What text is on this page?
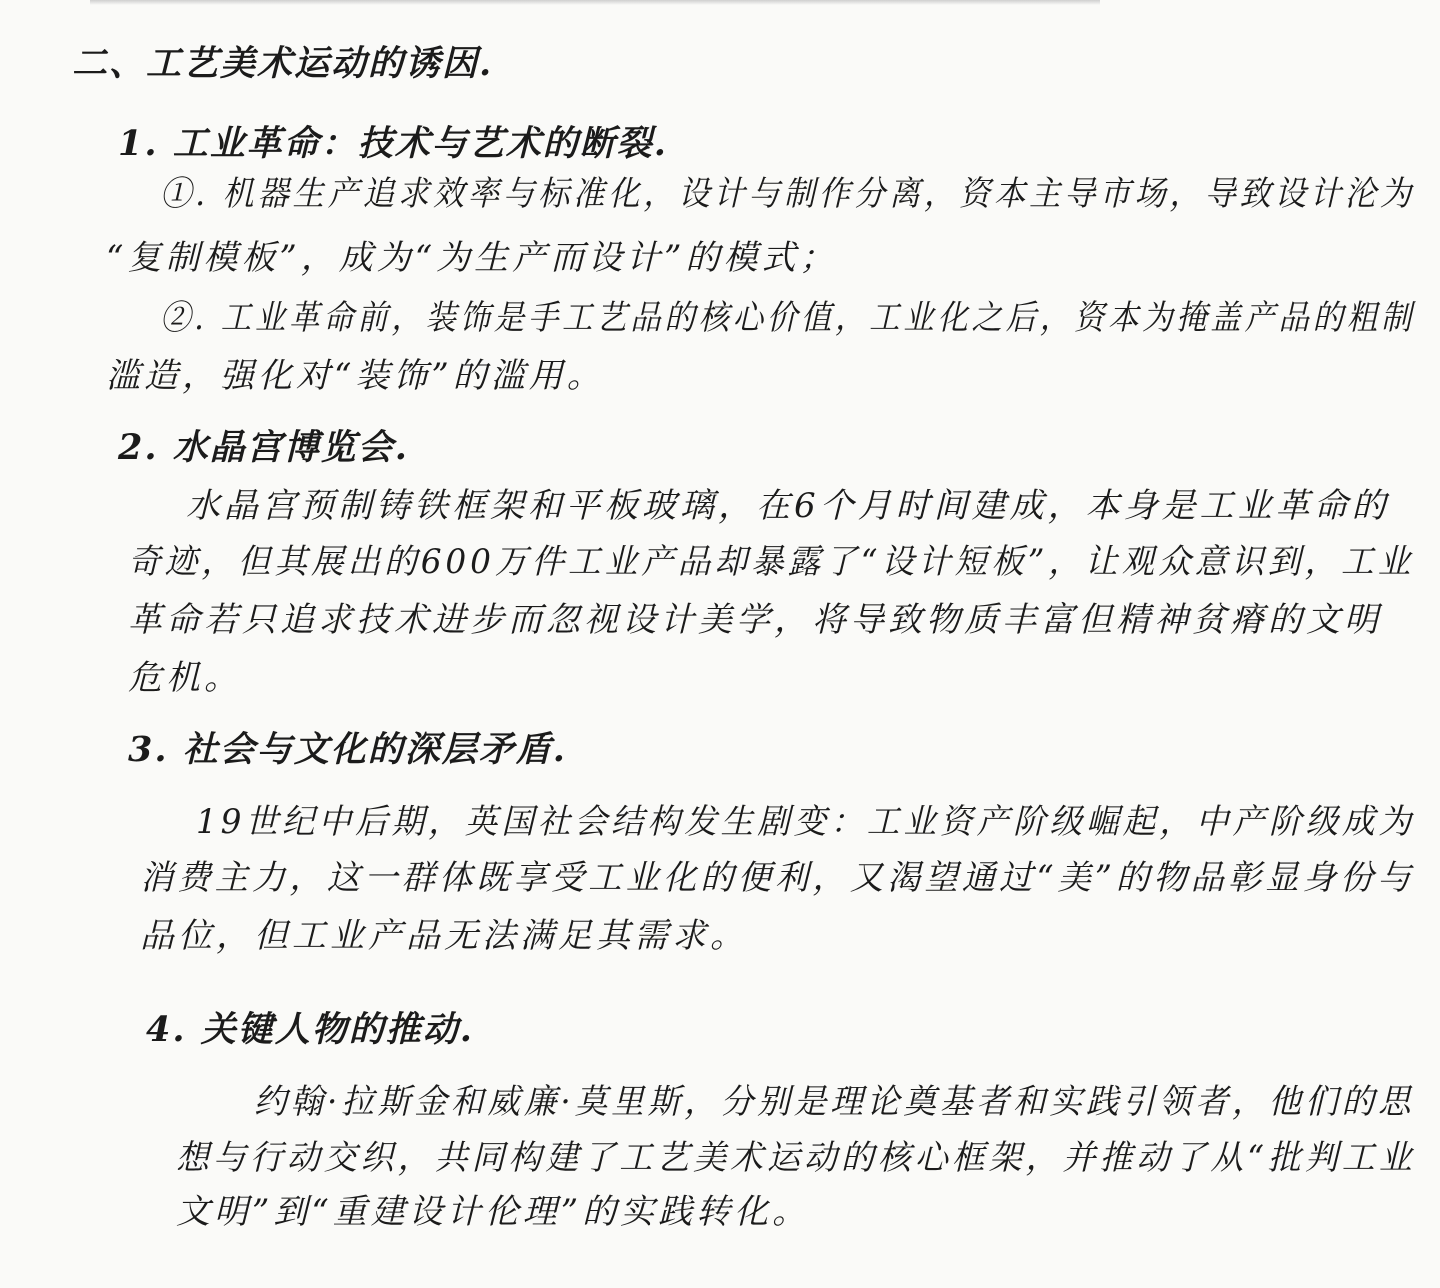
二、工艺美术运动的诱因.
1. 工业革命：技术与艺术的断裂.

①. 机器生产追求效率与标准化，设计与制作分离，资本主导市场，导致设计沦为

“复制模板”，成为“为生产而设计”的模式；

②. 工业革命前，装饰是手工艺品的核心价值，工业化之后，资本为掩盖产品的粗制

滥造，强化对“装饰”的滥用。

2. 水晶宫博览会.

水晶宫预制铸铁框架和平板玻璃，在6个月时间建成，本身是工业革命的

奇迹，但其展出的600万件工业产品却暴露了“设计短板”，让观众意识到，工业

革命若只追求技术进步而忽视设计美学，将导致物质丰富但精神贫瘠的文明

危机。

3. 社会与文化的深层矛盾.

19世纪中后期，英国社会结构发生剧变：工业资产阶级崛起，中产阶级成为

消费主力，这一群体既享受工业化的便利，又渴望通过“美”的物品彰显身份与

品位，但工业产品无法满足其需求。

4. 关键人物的推动.

约翰·拉斯金和威廉·莫里斯，分别是理论奠基者和实践引领者，他们的思

想与行动交织，共同构建了工艺美术运动的核心框架，并推动了从“批判工业

文明”到“重建设计伦理”的实践转化。
